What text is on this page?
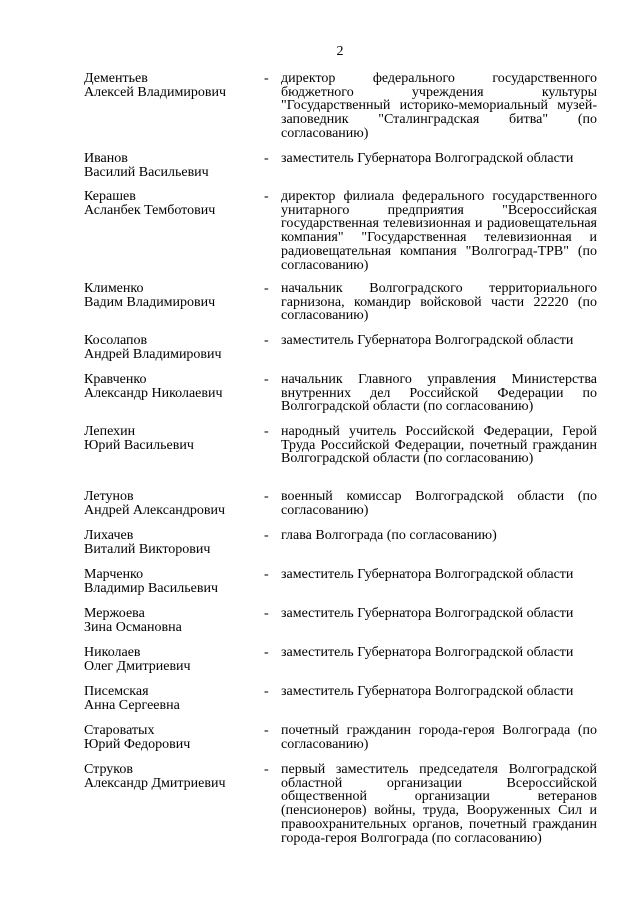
2
Дементьев
Алексей Владимирович
- директор федерального государственного бюджетного учреждения культуры "Государственный историко-мемориальный музей-заповедник "Сталинградская битва" (по согласованию)
Иванов
Василий Васильевич
- заместитель Губернатора Волгоградской области
Керашев
Асланбек Темботович
- директор филиала федерального государственного унитарного предприятия "Всероссийская государственная телевизионная и радиовещательная компания" "Государственная телевизионная и радиовещательная компания "Волгоград-ТРВ" (по согласованию)
Клименко
Вадим Владимирович
- начальник Волгоградского территориального гарнизона, командир войсковой части 22220 (по согласованию)
Косолапов
Андрей Владимирович
- заместитель Губернатора Волгоградской области
Кравченко
Александр Николаевич
- начальник Главного управления Министерства внутренних дел Российской Федерации по Волгоградской области (по согласованию)
Лепехин
Юрий Васильевич
- народный учитель Российской Федерации, Герой Труда Российской Федерации, почетный гражданин Волгоградской области (по согласованию)
Летунов
Андрей Александрович
- военный комиссар Волгоградской области (по согласованию)
Лихачев
Виталий Викторович
- глава Волгограда (по согласованию)
Марченко
Владимир Васильевич
- заместитель Губернатора Волгоградской области
Мержоева
Зина Османовна
- заместитель Губернатора Волгоградской области
Николаев
Олег Дмитриевич
- заместитель Губернатора Волгоградской области
Писемская
Анна Сергеевна
- заместитель Губернатора Волгоградской области
Староватых
Юрий Федорович
- почетный гражданин города-героя Волгограда (по согласованию)
Струков
Александр Дмитриевич
- первый заместитель председателя Волгоградской областной организации Всероссийской общественной организации ветеранов (пенсионеров) войны, труда, Вооруженных Сил и правоохранительных органов, почетный гражданин города-героя Волгограда (по согласованию)
